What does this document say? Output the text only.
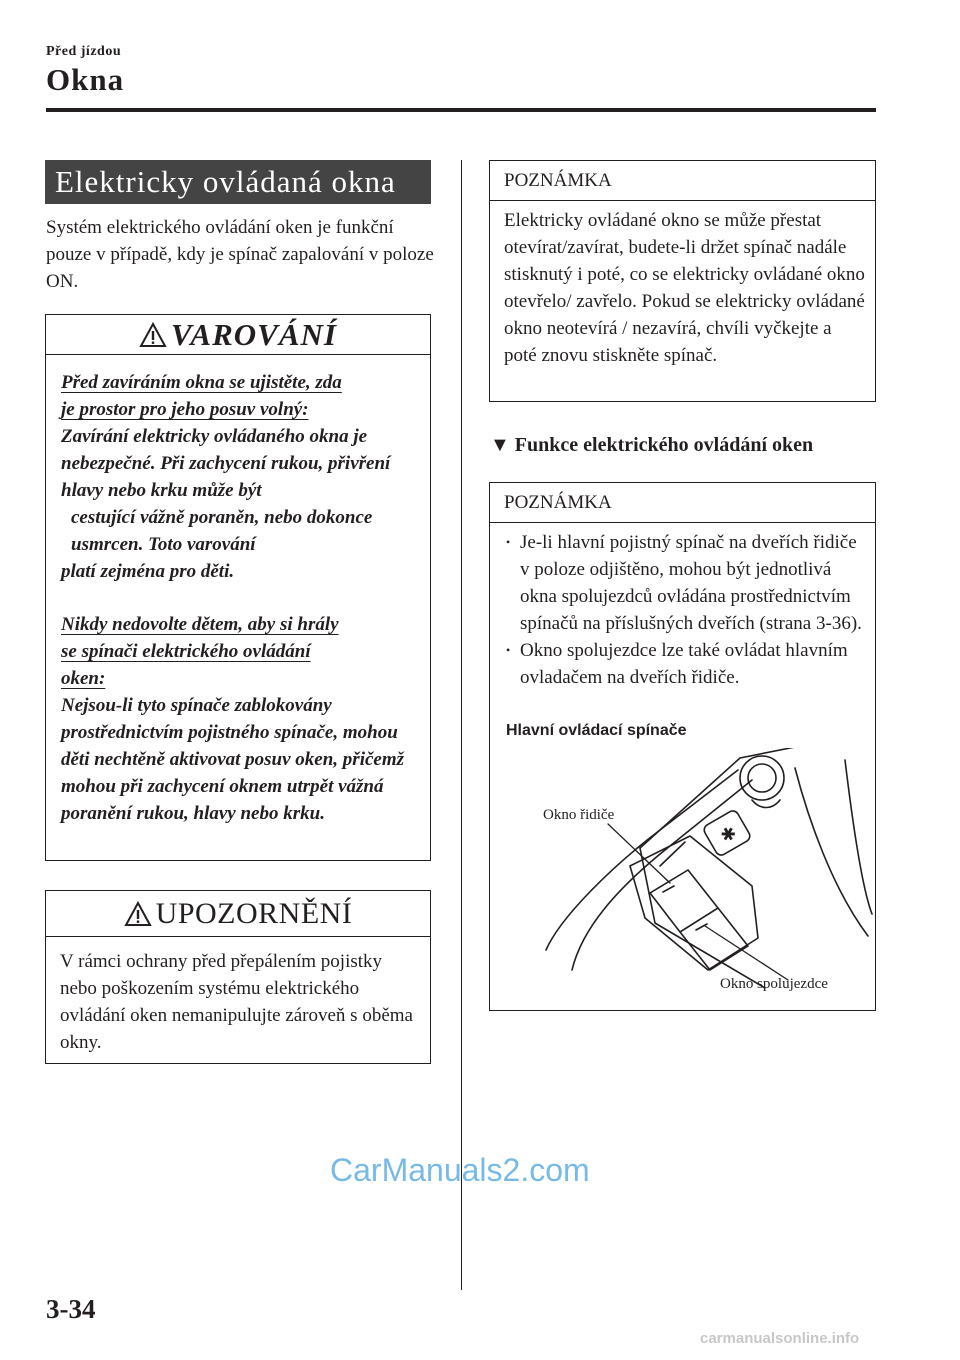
Před jízdou
Okna
Elektricky ovládaná okna
Systém elektrického ovládání oken je funkční pouze v případě, kdy je spínač zapalování v poloze ON.
VAROVÁNÍ

Před zavíráním okna se ujistěte, zda

je prostor pro jeho posuv volný:

Zavírání elektricky ovládaného okna je nebezpečné. Při zachycení rukou, přivření hlavy nebo krku může být

cestující vážně poraněn, nebo dokonce usmrcen. Toto varování

platí zejména pro děti.

Nikdy nedovolte dětem, aby si hrály

se spínači elektrického ovládání

oken:

Nejsou-li tyto spínače zablokovány prostřednictvím pojistného spínače, mohou děti nechtěně aktivovat posuv oken, přičemž mohou při zachycení oknem utrpět vážná poranění rukou, hlavy nebo krku.

UPOZORNĚNÍ
V rámci ochrany před přepálením pojistky nebo poškozením systému elektrického ovládání oken nemanipulujte zároveň s oběma okny.
POZNÁMKA
Elektricky ovládané okno se může přestat otevírat/zavírat, budete-li držet spínač nadále stisknutý i poté, co se elektricky ovládané okno otevřelo/ zavřelo. Pokud se elektricky ovládané okno neotevírá / nezavírá, chvíli vyčkejte a poté znovu stiskněte spínač.
▼ Funkce elektrického ovládání oken
POZNÁMKA
• Je-li hlavní pojistný spínač na dveřích řidiče v poloze odjištěno, mohou být jednotlivá okna spolujezdců ovládána prostřednictvím spínačů na příslušných dveřích (strana 3-36).
• Okno spolujezdce lze také ovládat hlavním ovladačem na dveřích řidiče.
Hlavní ovládací spínače
✱
Okno řidiče
Okno spolujezdce
3-34
CarManuals2.com
carmanualsonline.info
